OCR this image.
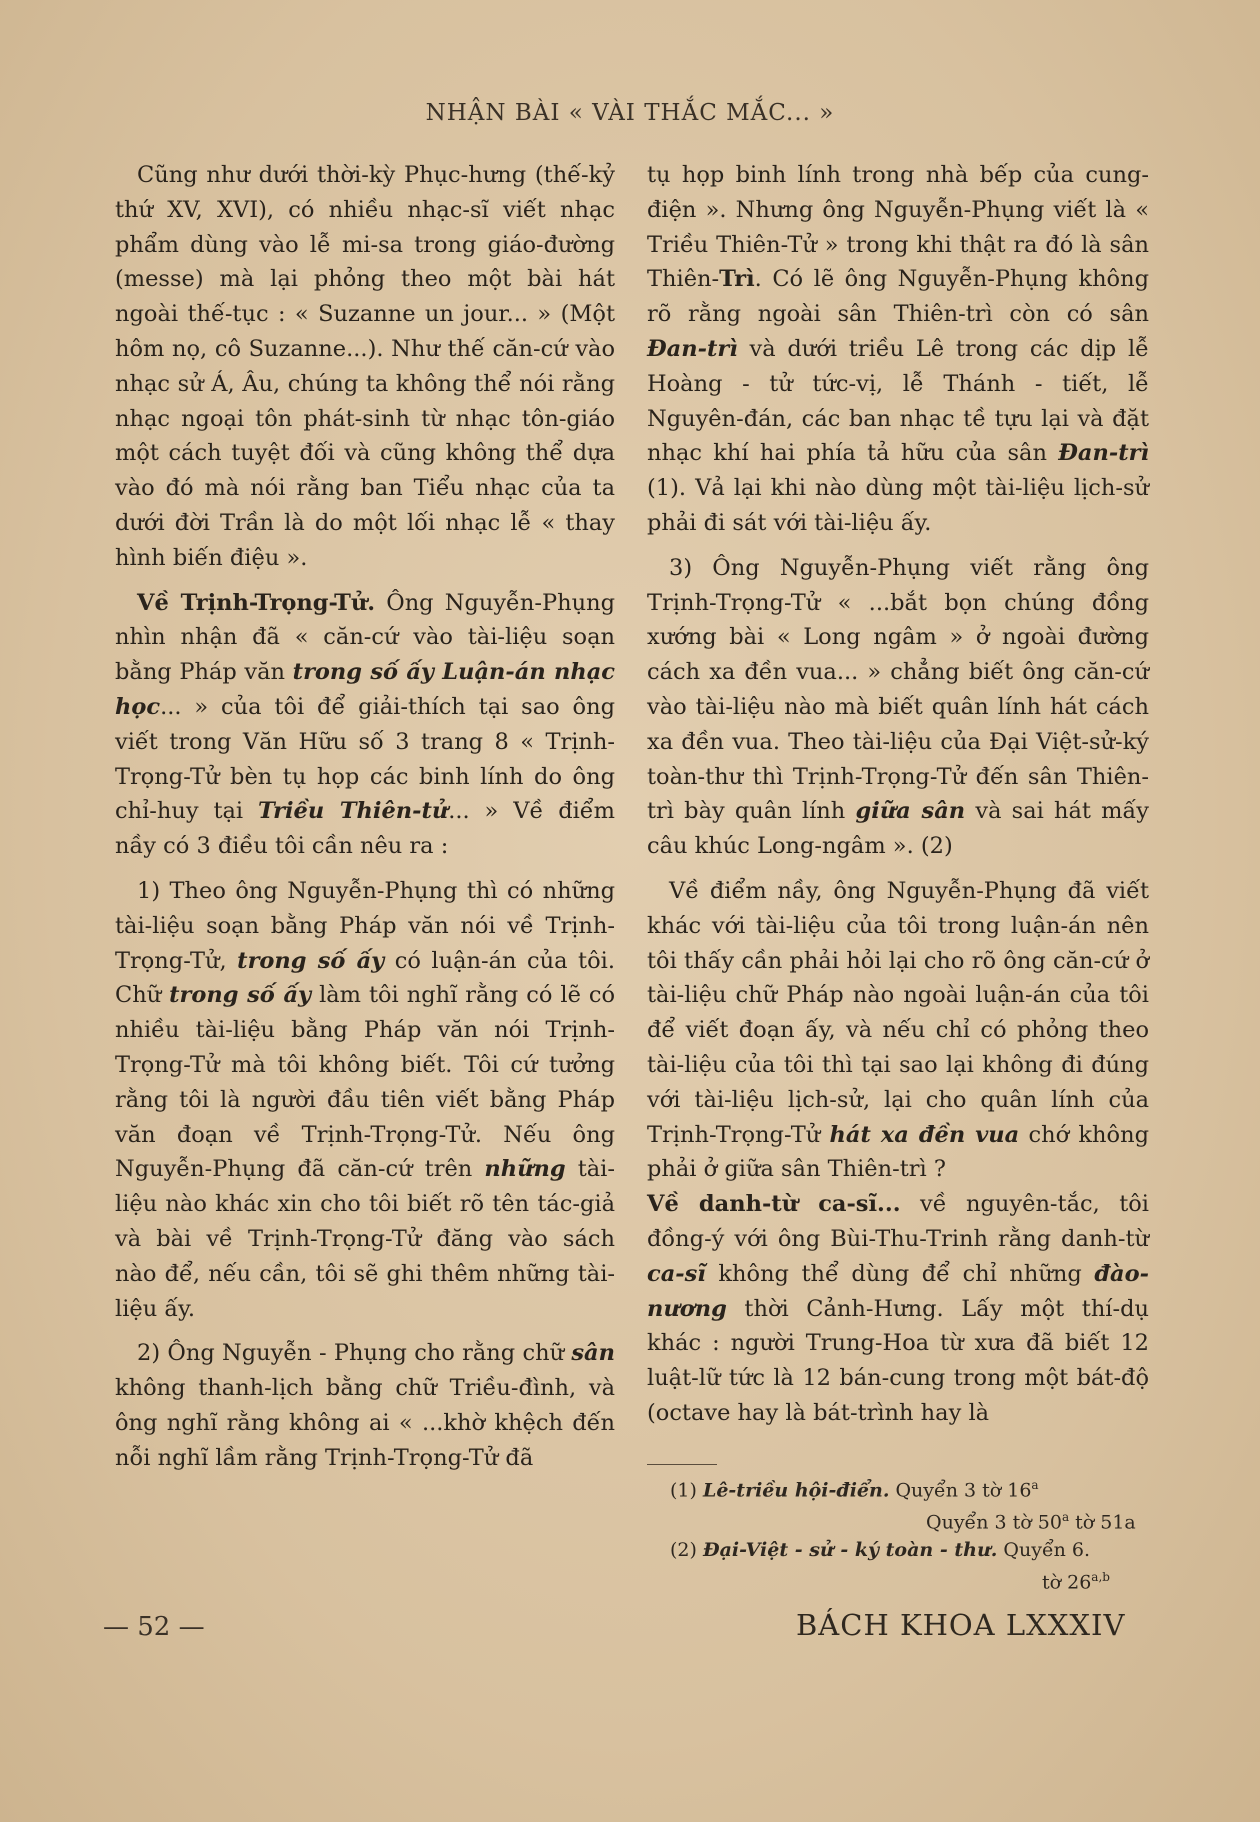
NHẬN BÀI « VÀI THẮC MẮC... »

Cũng như dưới thời-kỳ Phục-hưng (thế-kỷ thứ XV, XVI), có nhiều nhạc-sĩ viết nhạc phẩm dùng vào lễ mi-sa trong giáo-đường (messe) mà lại phỏng theo một bài hát ngoài thế-tục : « Suzanne un jour... » (Một hôm nọ, cô Suzanne...). Như thế căn-cứ vào nhạc sử Á, Âu, chúng ta không thể nói rằng nhạc ngoại tôn phát-sinh từ nhạc tôn-giáo một cách tuyệt đối và cũng không thể dựa vào đó mà nói rằng ban Tiểu nhạc của ta dưới đời Trần là do một lối nhạc lễ « thay hình biến điệu ».

Về Trịnh-Trọng-Tử. Ông Nguyễn-Phụng nhìn nhận đã « căn-cứ vào tài-liệu soạn bằng Pháp văn trong số ấy Luận-án nhạc học... » của tôi để giải-thích tại sao ông viết trong Văn Hữu số 3 trang 8 « Trịnh-Trọng-Tử bèn tụ họp các binh lính do ông chỉ-huy tại Triều Thiên-tử... » Về điểm nầy có 3 điều tôi cần nêu ra :

1) Theo ông Nguyễn-Phụng thì có những tài-liệu soạn bằng Pháp văn nói về Trịnh-Trọng-Tử, trong số ấy có luận-án của tôi. Chữ trong số ấy làm tôi nghĩ rằng có lẽ có nhiều tài-liệu bằng Pháp văn nói Trịnh-Trọng-Tử mà tôi không biết. Tôi cứ tưởng rằng tôi là người đầu tiên viết bằng Pháp văn đoạn về Trịnh-Trọng-Tử. Nếu ông Nguyễn-Phụng đã căn-cứ trên những tài-liệu nào khác xin cho tôi biết rõ tên tác-giả và bài về Trịnh-Trọng-Tử đăng vào sách nào để, nếu cần, tôi sẽ ghi thêm những tài-liệu ấy.

2) Ông Nguyễn - Phụng cho rằng chữ sân không thanh-lịch bằng chữ Triều-đình, và ông nghĩ rằng không ai « ...khờ khệch đến nỗi nghĩ lầm rằng Trịnh-Trọng-Tử đã

tụ họp binh lính trong nhà bếp của cung-điện ». Nhưng ông Nguyễn-Phụng viết là « Triều Thiên-Tử » trong khi thật ra đó là sân Thiên-Trì. Có lẽ ông Nguyễn-Phụng không rõ rằng ngoài sân Thiên-trì còn có sân Đan-trì và dưới triều Lê trong các dịp lễ Hoàng - tử tức-vị, lễ Thánh - tiết, lễ Nguyên-đán, các ban nhạc tề tựu lại và đặt nhạc khí hai phía tả hữu của sân Đan-trì (1). Vả lại khi nào dùng một tài-liệu lịch-sử phải đi sát với tài-liệu ấy.

3) Ông Nguyễn-Phụng viết rằng ông Trịnh-Trọng-Tử « ...bắt bọn chúng đồng xướng bài « Long ngâm » ở ngoài đường cách xa đền vua... » chẳng biết ông căn-cứ vào tài-liệu nào mà biết quân lính hát cách xa đền vua. Theo tài-liệu của Đại Việt-sử-ký toàn-thư thì Trịnh-Trọng-Tử đến sân Thiên-trì bày quân lính giữa sân và sai hát mấy câu khúc Long-ngâm ». (2)

Về điểm nầy, ông Nguyễn-Phụng đã viết khác với tài-liệu của tôi trong luận-án nên tôi thấy cần phải hỏi lại cho rõ ông căn-cứ ở tài-liệu chữ Pháp nào ngoài luận-án của tôi để viết đoạn ấy, và nếu chỉ có phỏng theo tài-liệu của tôi thì tại sao lại không đi đúng với tài-liệu lịch-sử, lại cho quân lính của Trịnh-Trọng-Tử hát xa đền vua chớ không phải ở giữa sân Thiên-trì ?

Về danh-từ ca-sĩ... về nguyên-tắc, tôi đồng-ý với ông Bùi-Thu-Trinh rằng danh-từ ca-sĩ không thể dùng để chỉ những đào-nương thời Cảnh-Hưng. Lấy một thí-dụ khác : người Trung-Hoa từ xưa đã biết 12 luật-lữ tức là 12 bán-cung trong một bát-độ (octave hay là bát-trình hay là

(1) Lê-triều hội-điển. Quyển 3 tờ 16$^a$
Quyển 3 tờ 50$^a$ tờ 51a
(2) Đại-Việt - sử - ký toàn - thư. Quyển 6.
tờ 26$^{a,b}$
— 52 —	BÁCH KHOA LXXXIV
